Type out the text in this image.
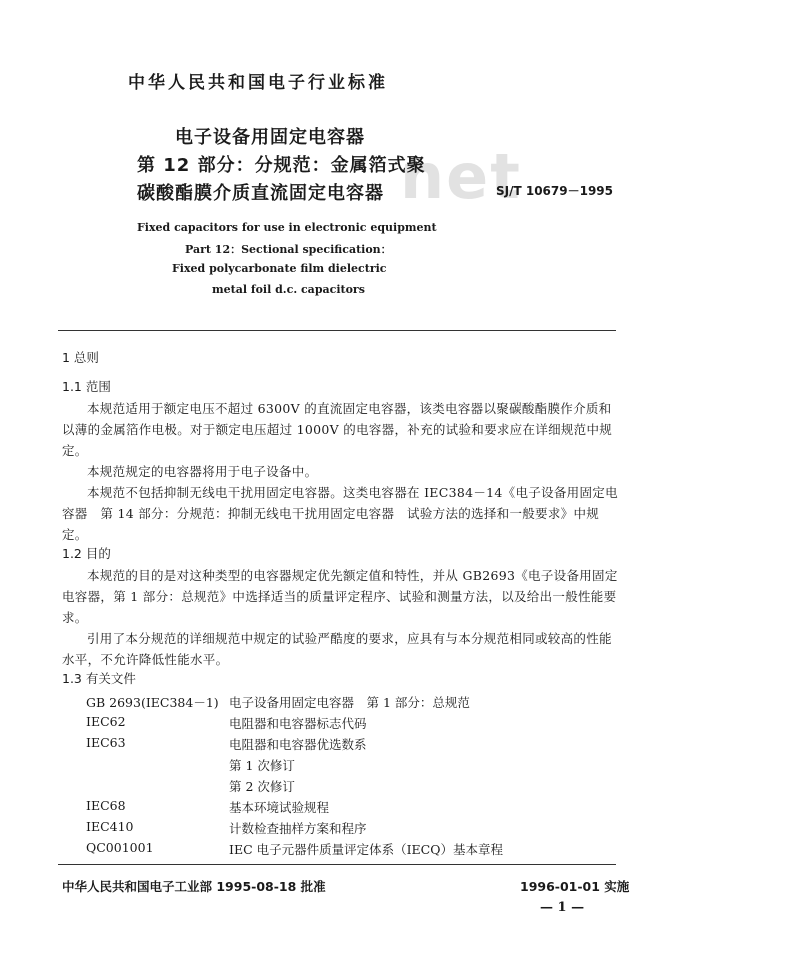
net
中华人民共和国电子行业标准
电子设备用固定电容器
第 12 部分：分规范：金属箔式聚
碳酸酯膜介质直流固定电容器	SJ/T 10679－1995
Fixed capacitors for use in electronic equipment
Part 12：Sectional specification：
Fixed polycarbonate film dielectric
metal foil d.c. capacitors
1 总则
1.1 范围
本规范适用于额定电压不超过 6300V 的直流固定电容器，该类电容器以聚碳酸酯膜作介质和以薄的金属箔作电极。对于额定电压超过 1000V 的电容器，补充的试验和要求应在详细规范中规定。
本规范规定的电容器将用于电子设备中。
本规范不包括抑制无线电干扰用固定电容器。这类电容器在 IEC384－14《电子设备用固定电容器　第 14 部分：分规范：抑制无线电干扰用固定电容器　试验方法的选择和一般要求》中规定。
1.2 目的
本规范的目的是对这种类型的电容器规定优先额定值和特性，并从 GB2693《电子设备用固定电容器，第 1 部分：总规范》中选择适当的质量评定程序、试验和测量方法，以及给出一般性能要求。
引用了本分规范的详细规范中规定的试验严酷度的要求，应具有与本分规范相同或较高的性能水平，不允许降低性能水平。
1.3 有关文件
GB 2693(IEC384－1) 电子设备用固定电容器　第 1 部分：总规范
IEC62	电阻器和电容器标志代码
IEC63	电阻器和电容器优选数系
第 1 次修订
第 2 次修订
IEC68	基本环境试验规程
IEC410	计数检查抽样方案和程序
QC001001	IEC 电子元器件质量评定体系（IECQ）基本章程
中华人民共和国电子工业部 1995-08-18 批准	1996-01-01 实施
— 1 —
